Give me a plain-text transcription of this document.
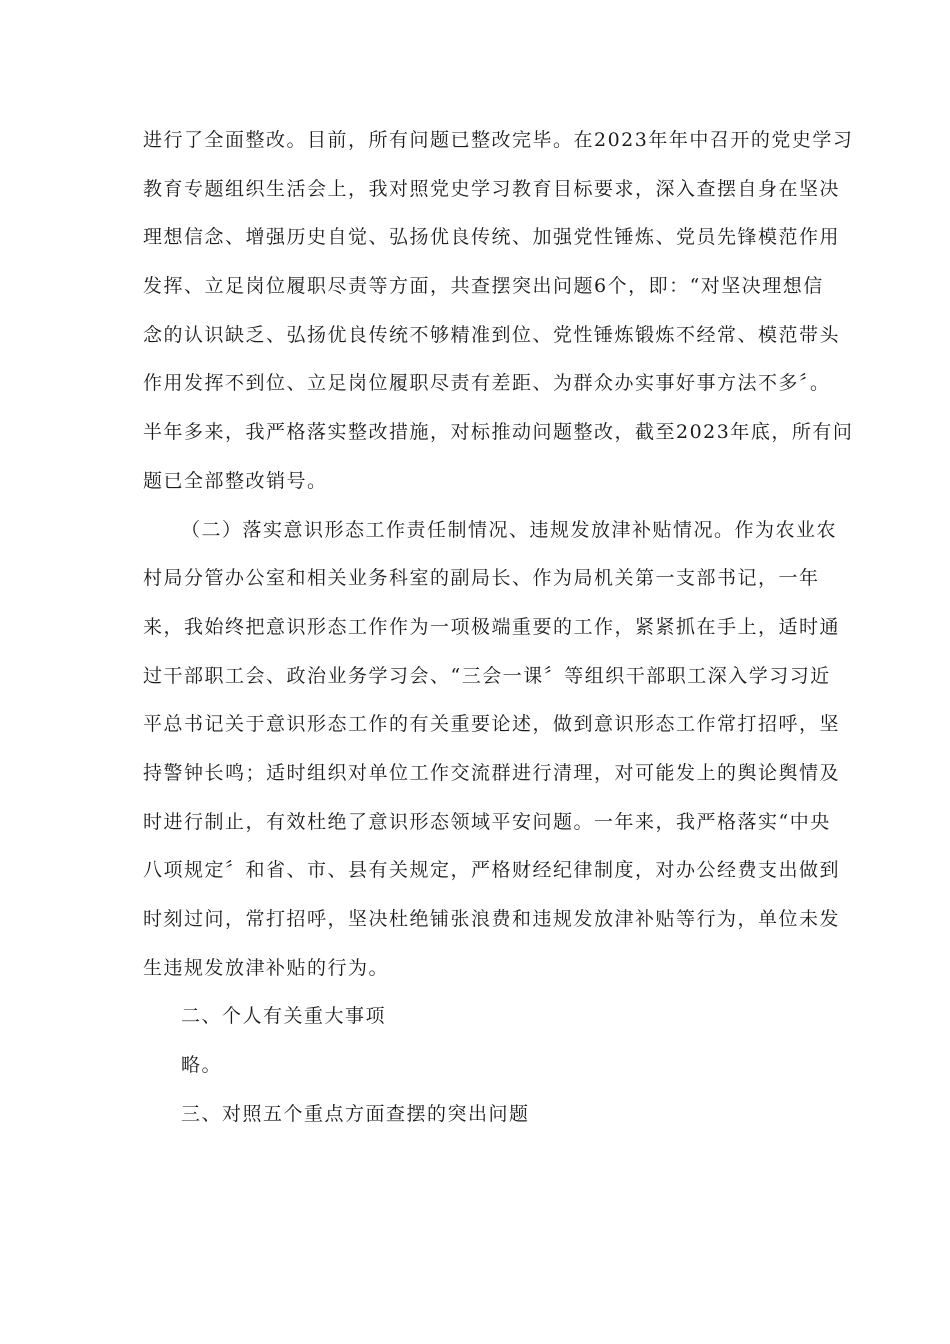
进行了全面整改。目前，所有问题已整改完毕。在2023年年中召开的党史学习
教育专题组织生活会上，我对照党史学习教育目标要求，深入查摆自身在坚决
理想信念、增强历史自觉、弘扬优良传统、加强党性锤炼、党员先锋模范作用
发挥、立足岗位履职尽责等方面，共查摆突出问题6个，即：“对坚决理想信
念的认识缺乏、弘扬优良传统不够精准到位、党性锤炼锻炼不经常、模范带头
作用发挥不到位、立足岗位履职尽责有差距、为群众办实事好事方法不多〞。
半年多来，我严格落实整改措施，对标推动问题整改，截至2023年底，所有问
题已全部整改销号。
（二）落实意识形态工作责任制情况、违规发放津补贴情况。作为农业农
村局分管办公室和相关业务科室的副局长、作为局机关第一支部书记，一年
来，我始终把意识形态工作作为一项极端重要的工作，紧紧抓在手上，适时通
过干部职工会、政治业务学习会、“三会一课〞等组织干部职工深入学习习近
平总书记关于意识形态工作的有关重要论述，做到意识形态工作常打招呼，坚
持警钟长鸣；适时组织对单位工作交流群进行清理，对可能发上的舆论舆情及
时进行制止，有效杜绝了意识形态领域平安问题。一年来，我严格落实“中央
八项规定〞和省、市、县有关规定，严格财经纪律制度，对办公经费支出做到
时刻过问，常打招呼，坚决杜绝铺张浪费和违规发放津补贴等行为，单位未发
生违规发放津补贴的行为。
二、个人有关重大事项
略。
三、对照五个重点方面查摆的突出问题
